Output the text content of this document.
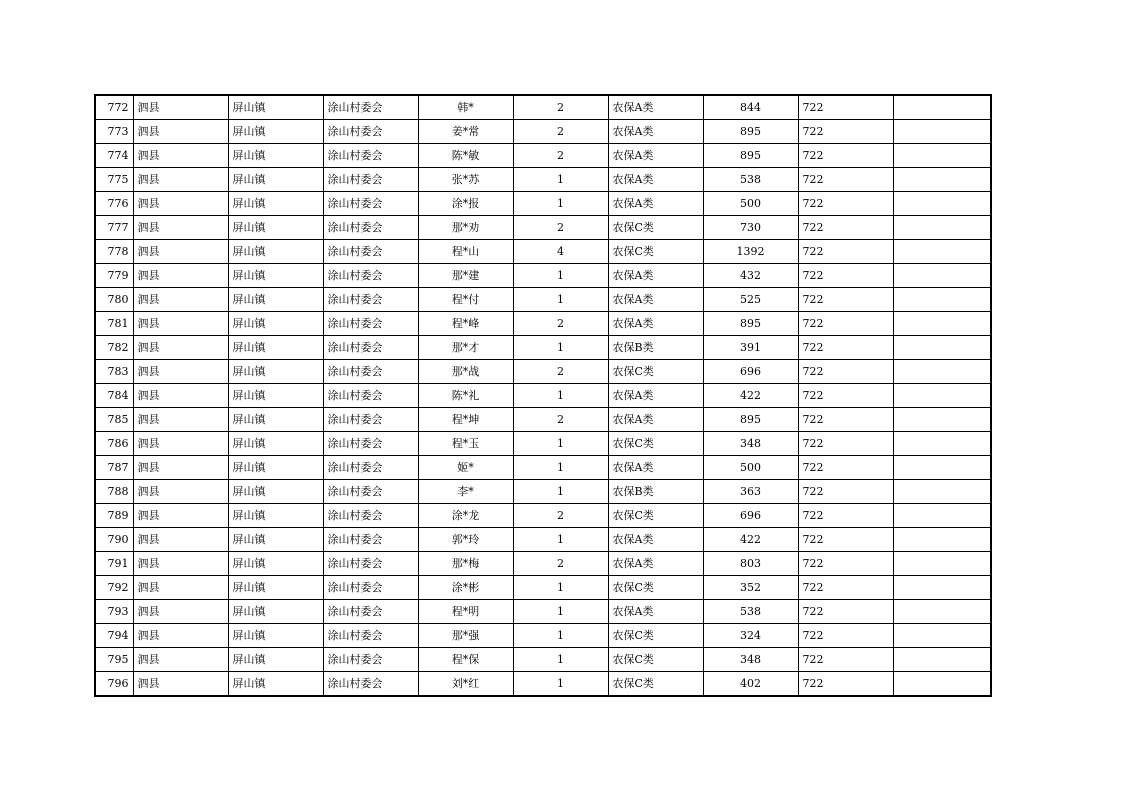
772	泗县	屏山镇	涂山村委会	韩*	2	农保A类	844	722	
773	泗县	屏山镇	涂山村委会	姜*常	2	农保A类	895	722	
774	泗县	屏山镇	涂山村委会	陈*敏	2	农保A类	895	722	
775	泗县	屏山镇	涂山村委会	张*苏	1	农保A类	538	722	
776	泗县	屏山镇	涂山村委会	涂*报	1	农保A类	500	722	
777	泗县	屏山镇	涂山村委会	那*劝	2	农保C类	730	722	
778	泗县	屏山镇	涂山村委会	程*山	4	农保C类	1392	722	
779	泗县	屏山镇	涂山村委会	那*建	1	农保A类	432	722	
780	泗县	屏山镇	涂山村委会	程*付	1	农保A类	525	722	
781	泗县	屏山镇	涂山村委会	程*峰	2	农保A类	895	722	
782	泗县	屏山镇	涂山村委会	那*才	1	农保B类	391	722	
783	泗县	屏山镇	涂山村委会	那*战	2	农保C类	696	722	
784	泗县	屏山镇	涂山村委会	陈*礼	1	农保A类	422	722	
785	泗县	屏山镇	涂山村委会	程*坤	2	农保A类	895	722	
786	泗县	屏山镇	涂山村委会	程*玉	1	农保C类	348	722	
787	泗县	屏山镇	涂山村委会	姬*	1	农保A类	500	722	
788	泗县	屏山镇	涂山村委会	李*	1	农保B类	363	722	
789	泗县	屏山镇	涂山村委会	涂*龙	2	农保C类	696	722	
790	泗县	屏山镇	涂山村委会	郭*玲	1	农保A类	422	722	
791	泗县	屏山镇	涂山村委会	那*梅	2	农保A类	803	722	
792	泗县	屏山镇	涂山村委会	涂*彬	1	农保C类	352	722	
793	泗县	屏山镇	涂山村委会	程*明	1	农保A类	538	722	
794	泗县	屏山镇	涂山村委会	那*强	1	农保C类	324	722	
795	泗县	屏山镇	涂山村委会	程*保	1	农保C类	348	722	
796	泗县	屏山镇	涂山村委会	刘*红	1	农保C类	402	722	
